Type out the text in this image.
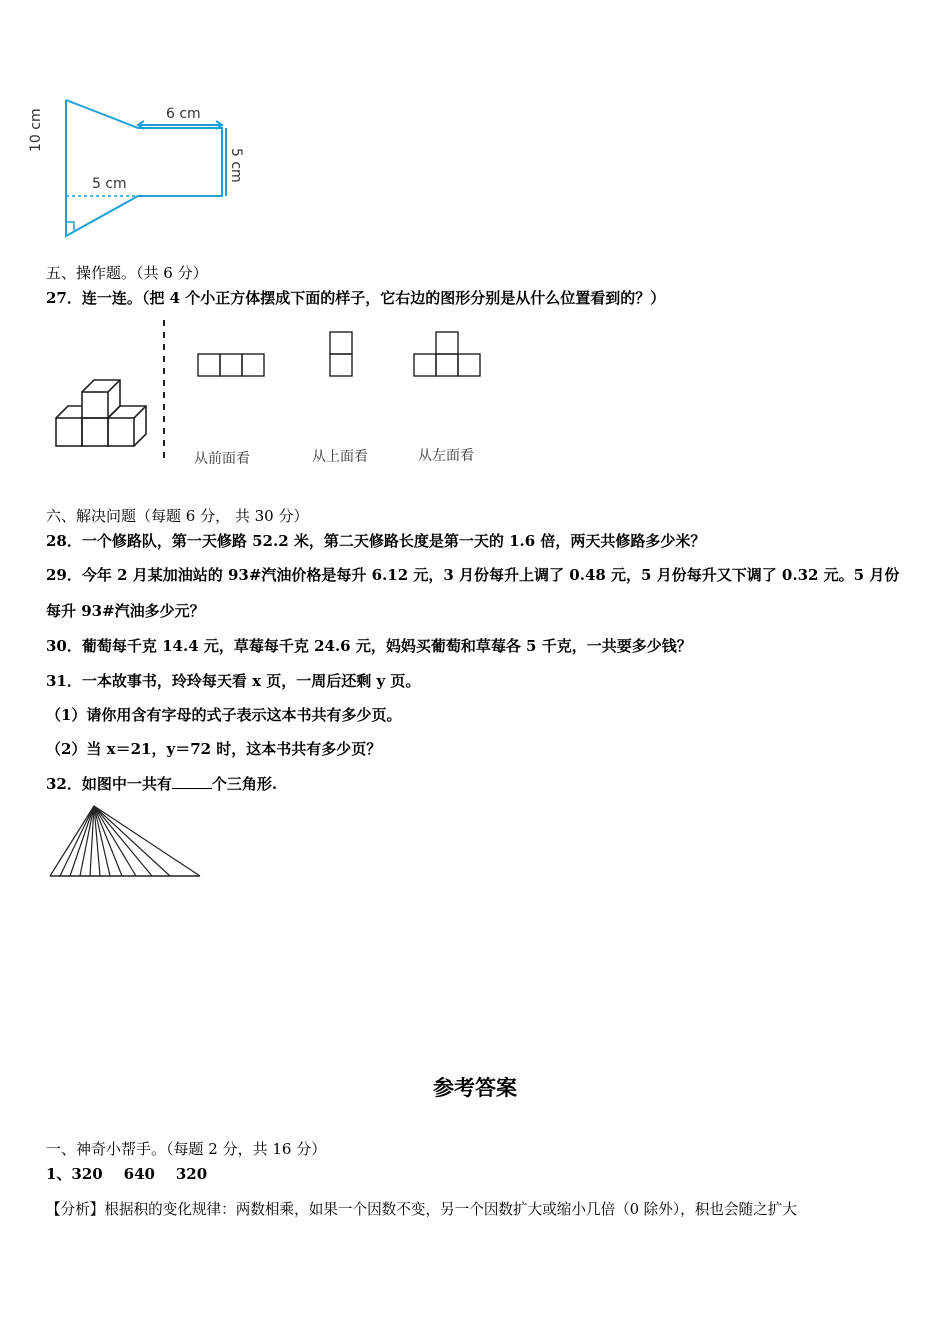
6 cm
10 cm
5 cm
5 cm
五、操作题。（共 6 分）
27．连一连。（把 4 个小正方体摆成下面的样子，它右边的图形分别是从什么位置看到的？）
从前面看	从上面看	从左面看
六、解决问题（每题 6 分， 共 30 分）
28．一个修路队，第一天修路 52.2 米，第二天修路长度是第一天的 1.6 倍，两天共修路多少米？
29．今年 2 月某加油站的 93#汽油价格是每升 6.12 元，3 月份每升上调了 0.48 元，5 月份每升又下调了 0.32 元。5 月份
每升 93#汽油多少元？
30．葡萄每千克 14.4 元，草莓每千克 24.6 元，妈妈买葡萄和草莓各 5 千克，一共要多少钱？
31．一本故事书，玲玲每天看 x 页，一周后还剩 y 页。
（1）请你用含有字母的式子表示这本书共有多少页。
（2）当 x＝21，y＝72 时，这本书共有多少页？
32．如图中一共有	个三角形.
参考答案
一、神奇小帮手。（每题 2 分，共 16 分）
1、320    640    320
【分析】根据积的变化规律：两数相乘，如果一个因数不变，另一个因数扩大或缩小几倍（0 除外），积也会随之扩大
